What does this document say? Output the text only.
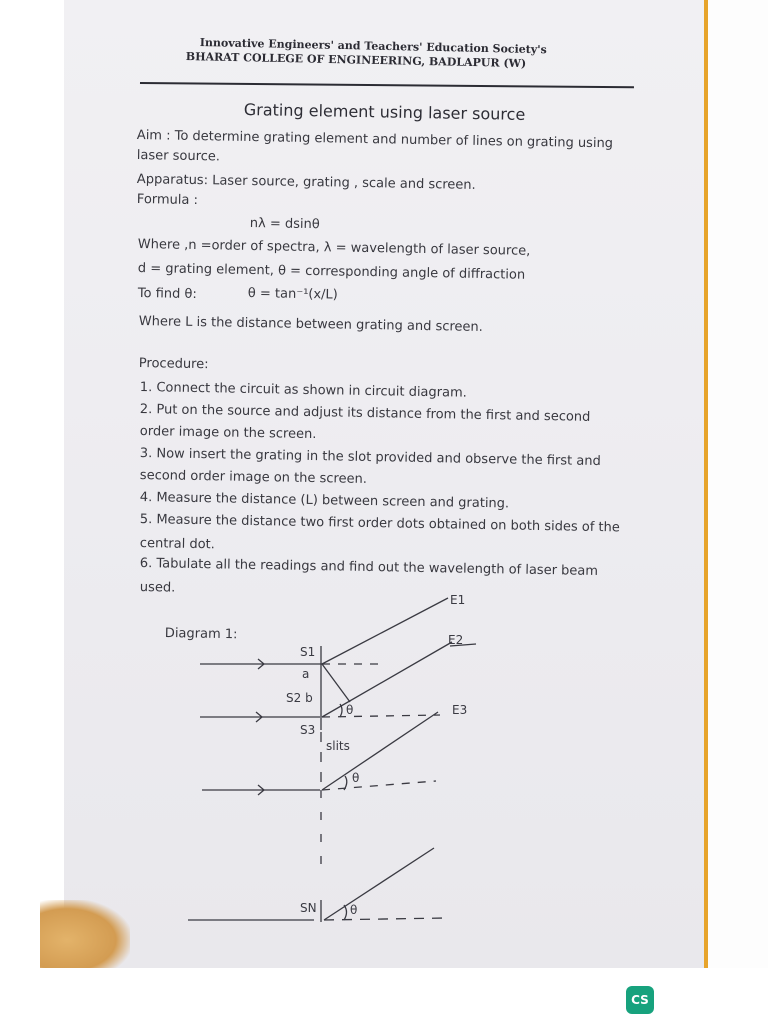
Innovative Engineers' and Teachers' Education Society's
BHARAT COLLEGE OF ENGINEERING, BADLAPUR (W)
Grating element using laser source
Aim : To determine grating element and number of lines on grating using
laser source.
Apparatus: Laser source, grating , scale and screen.
Formula :
nλ = dsinθ
Where ,n =order of spectra, λ = wavelength of laser source,
d = grating element, θ = corresponding angle of diffraction
To find θ:	θ = tan⁻¹(x/L)
Where L is the distance between grating and screen.
Procedure:
1. Connect the circuit as shown in circuit diagram.
2. Put on the source and adjust its distance from the first and second
order image on the screen.
3. Now insert the grating in the slot provided and observe the first and
second order image on the screen.
4. Measure the distance (L) between screen and grating.
5. Measure the distance two first order dots obtained on both sides of the
central dot.
6. Tabulate all the readings and find out the wavelength of laser beam
used.
Diagram 1:
E1
E2
E3
S1
a
S2 b
S3
slits
SN
θ
θ
θ
CS
